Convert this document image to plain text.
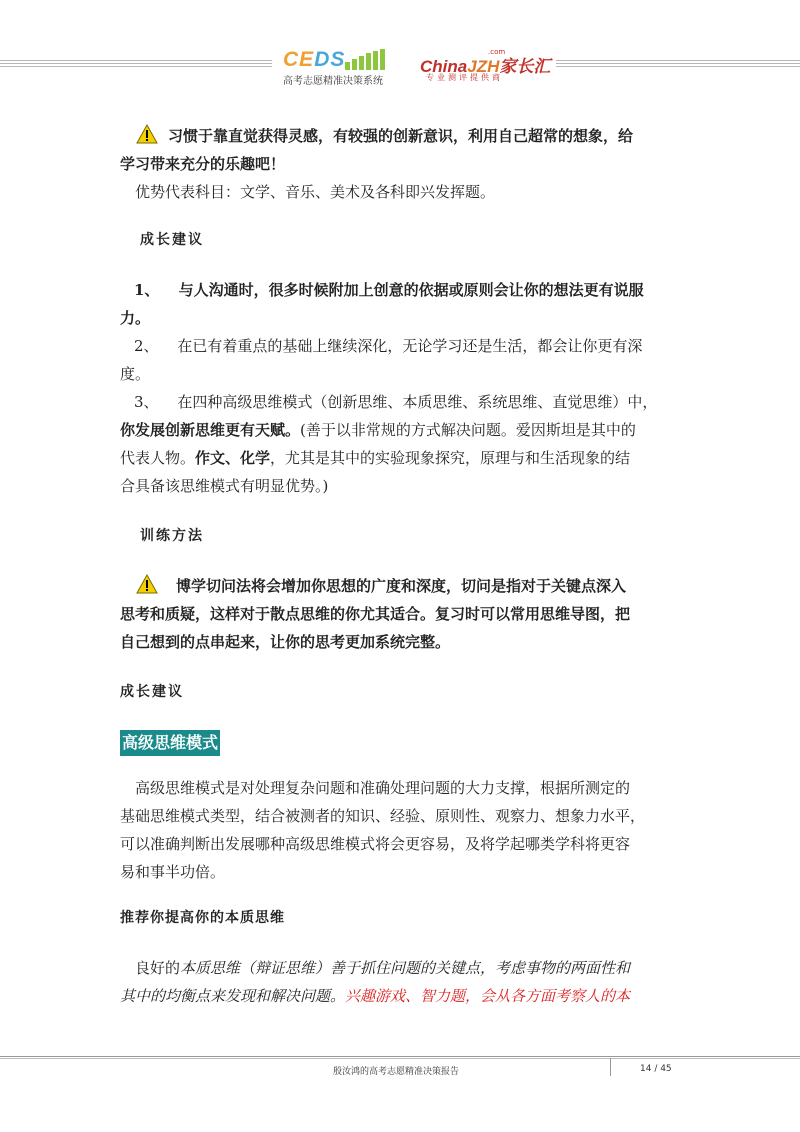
CEDS
高考志愿精准决策系统
ChinaJZH家长汇
.com
专业测评提供商
习惯于靠直觉获得灵感，有较强的创新意识，利用自己超常的想象，给
学习带来充分的乐趣吧！
优势代表科目：文学、音乐、美术及各科即兴发挥题。
成长建议
1、 与人沟通时，很多时候附加上创意的依据或原则会让你的想法更有说服
力。
2、 在已有着重点的基础上继续深化，无论学习还是生活，都会让你更有深
度。
3、 在四种高级思维模式（创新思维、本质思维、系统思维、直觉思维）中，
你发展创新思维更有天赋。(善于以非常规的方式解决问题。爱因斯坦是其中的
代表人物。作文、化学，尤其是其中的实验现象探究，原理与和生活现象的结
合具备该思维模式有明显优势。)
训练方法
博学切问法将会增加你思想的广度和深度，切问是指对于关键点深入
思考和质疑，这样对于散点思维的你尤其适合。复习时可以常用思维导图，把
自己想到的点串起来，让你的思考更加系统完整。
成长建议
高级思维模式
高级思维模式是对处理复杂问题和准确处理问题的大力支撑，根据所测定的
基础思维模式类型，结合被测者的知识、经验、原则性、观察力、想象力水平，
可以准确判断出发展哪种高级思维模式将会更容易，及将学起哪类学科将更容
易和事半功倍。
推荐你提高你的本质思维
良好的本质思维（辩证思维）善于抓住问题的关键点，考虑事物的两面性和
其中的均衡点来发现和解决问题。兴趣游戏、智力题，会从各方面考察人的本
殷汝鸿的高考志愿精准决策报告	14 / 45
